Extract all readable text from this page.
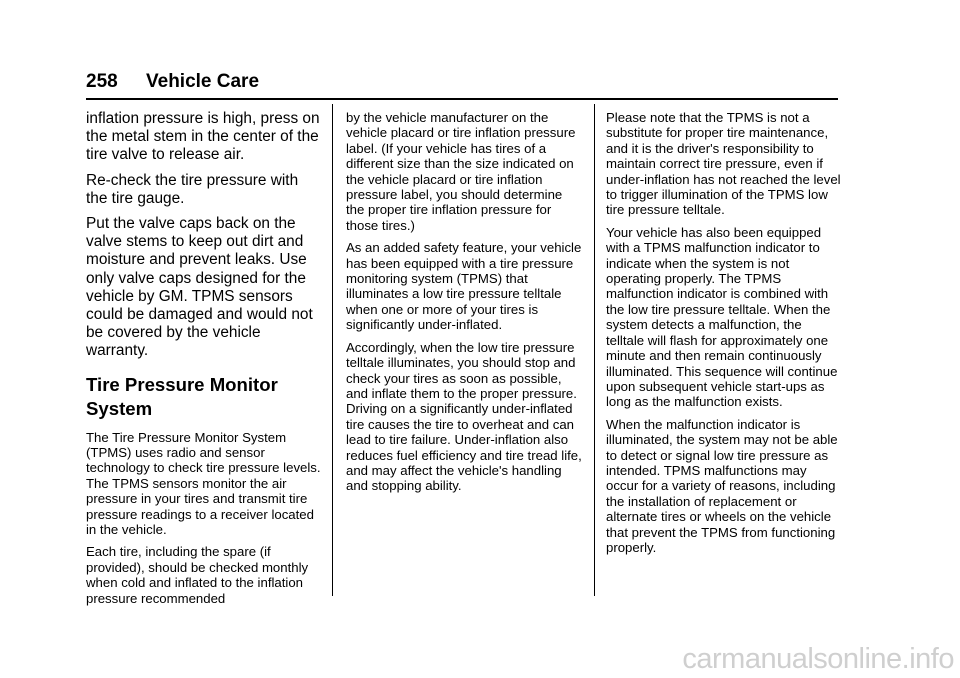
258 Vehicle Care

inflation pressure is high, press on the metal stem in the center of the tire valve to release air.

Re-check the tire pressure with the tire gauge.

Put the valve caps back on the valve stems to keep out dirt and moisture and prevent leaks. Use only valve caps designed for the vehicle by GM. TPMS sensors could be damaged and would not be covered by the vehicle warranty.

Tire Pressure Monitor System

The Tire Pressure Monitor System (TPMS) uses radio and sensor technology to check tire pressure levels. The TPMS sensors monitor the air pressure in your tires and transmit tire pressure readings to a receiver located in the vehicle.

Each tire, including the spare (if provided), should be checked monthly when cold and inflated to the inflation pressure recommended

by the vehicle manufacturer on the vehicle placard or tire inflation pressure label. (If your vehicle has tires of a different size than the size indicated on the vehicle placard or tire inflation pressure label, you should determine the proper tire inflation pressure for those tires.)

As an added safety feature, your vehicle has been equipped with a tire pressure monitoring system (TPMS) that illuminates a low tire pressure telltale when one or more of your tires is significantly under-inflated.

Accordingly, when the low tire pressure telltale illuminates, you should stop and check your tires as soon as possible, and inflate them to the proper pressure. Driving on a significantly under-inflated tire causes the tire to overheat and can lead to tire failure. Under-inflation also reduces fuel efficiency and tire tread life, and may affect the vehicle's handling and stopping ability.

Please note that the TPMS is not a substitute for proper tire maintenance, and it is the driver's responsibility to maintain correct tire pressure, even if under-inflation has not reached the level to trigger illumination of the TPMS low tire pressure telltale.

Your vehicle has also been equipped with a TPMS malfunction indicator to indicate when the system is not operating properly. The TPMS malfunction indicator is combined with the low tire pressure telltale. When the system detects a malfunction, the telltale will flash for approximately one minute and then remain continuously illuminated. This sequence will continue upon subsequent vehicle start-ups as long as the malfunction exists.

When the malfunction indicator is illuminated, the system may not be able to detect or signal low tire pressure as intended. TPMS malfunctions may occur for a variety of reasons, including the installation of replacement or alternate tires or wheels on the vehicle that prevent the TPMS from functioning properly.

carmanualsonline.info
